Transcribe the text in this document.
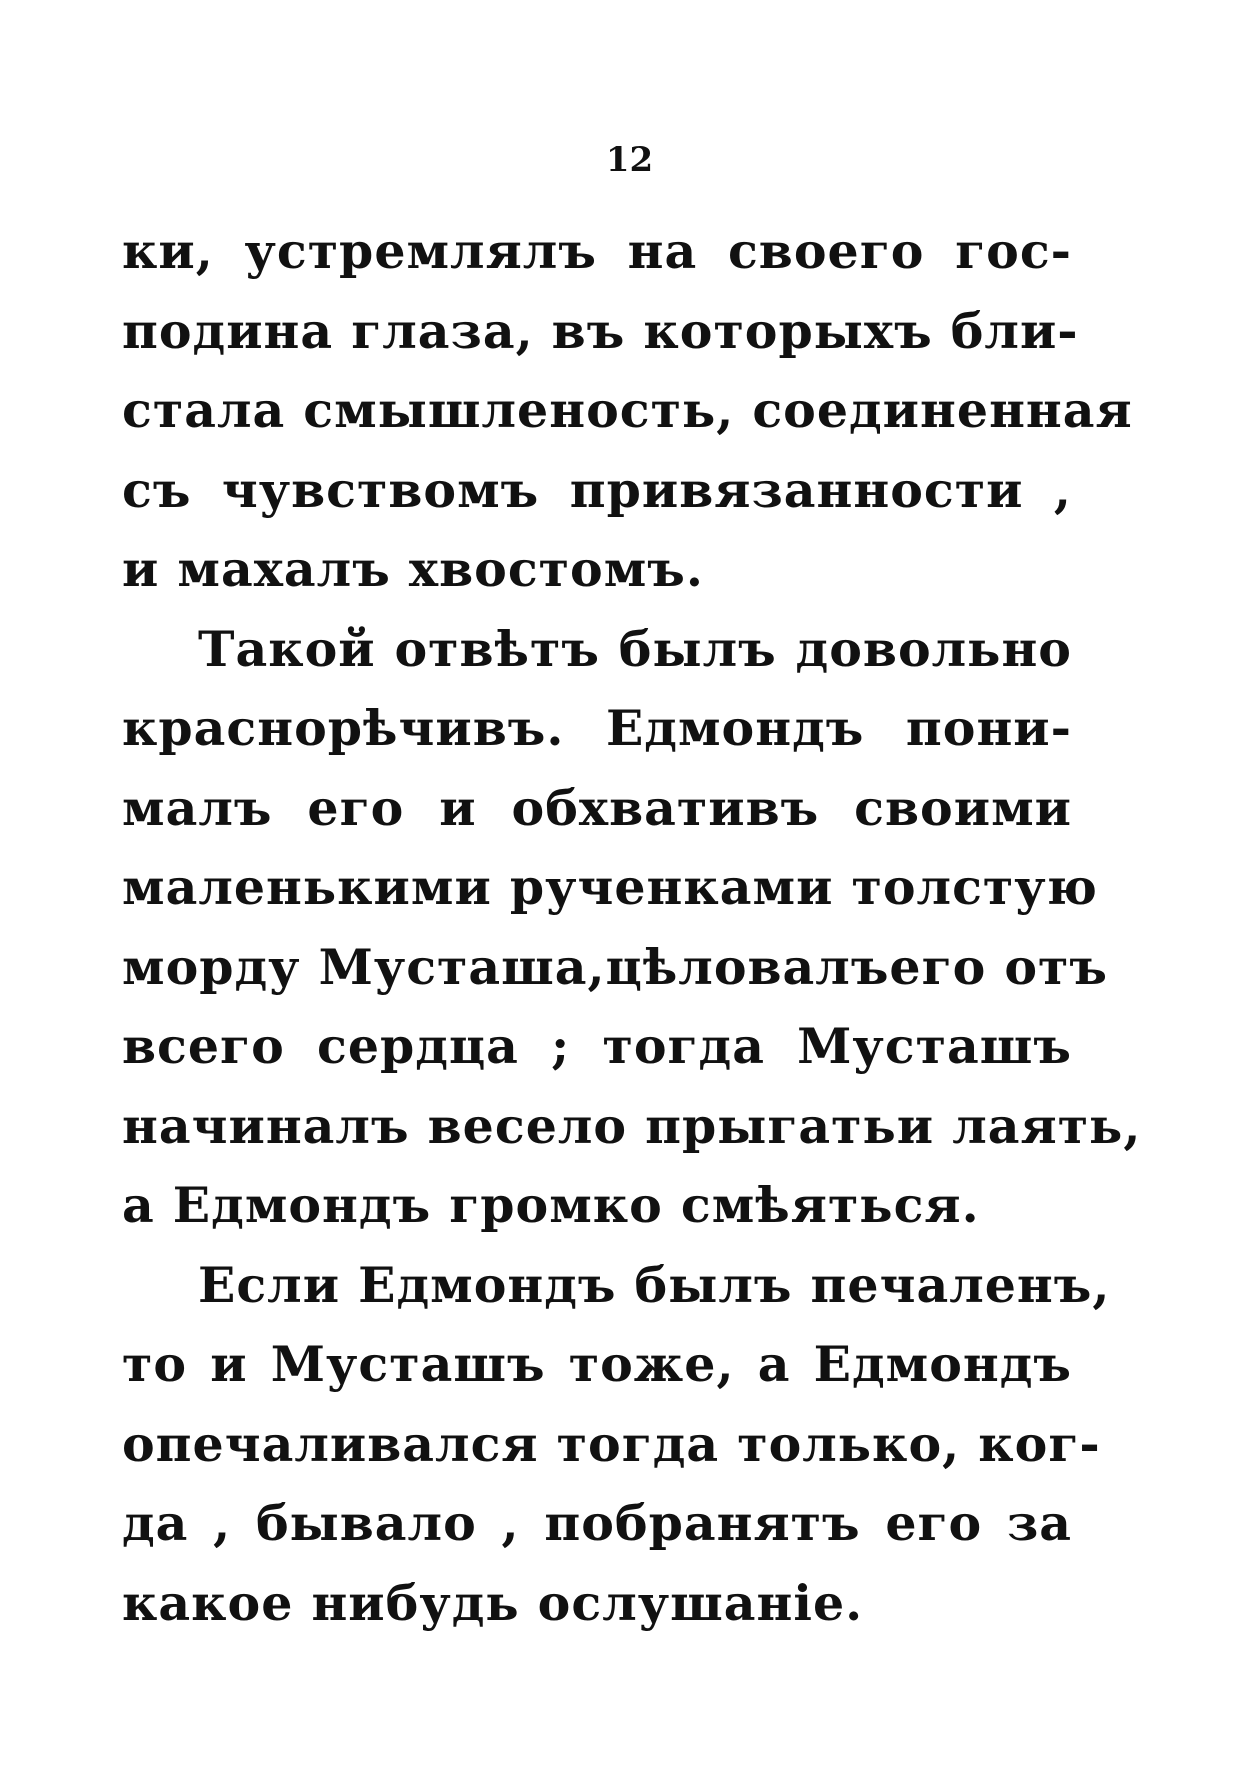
12
ки, устремлялъ на своего гос-
подина глаза, въ которыхъ бли-
стала смышленость, соединенная
съ чувствомъ привязанности ,
и махалъ хвостомъ.
Такой отвѣтъ былъ довольно
краснорѣчивъ. Едмондъ пони-
малъ его и обхвативъ своими
маленькими рученками толстую
морду Мусташа,цѣловалъего отъ
всего сердца ; тогда Мусташъ
начиналъ весело прыгатьи лаять,
а Едмондъ громко смѣяться.
Если Едмондъ былъ печаленъ,
то и Мусташъ тоже, а Едмондъ
опечаливался тогда только, ког-
да , бывало , побранятъ его за
какое нибудь ослушаніе.
